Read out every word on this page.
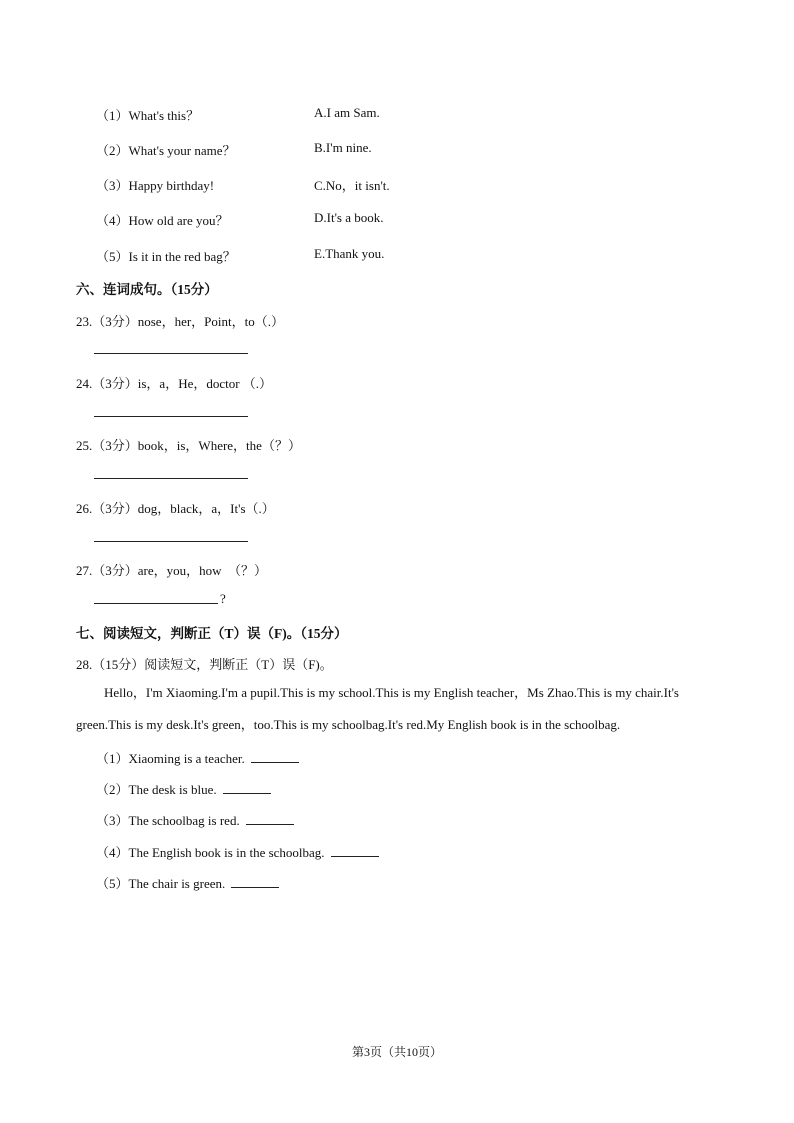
（1）What's this？	A.I am Sam.
（2）What's your name？	B.I'm nine.
（3）Happy birthday!	C.No，it isn't.
（4）How old are you？	D.It's a book.
（5）Is it in the red bag？	E.Thank you.
六、连词成句。（15分）
23.（3分）nose，her，Point，to（.）
24.（3分）is，a，He，doctor （.）
25.（3分）book，is，Where，the（？）
26.（3分）dog，black，a，It's（.）
27.（3分）are，you，how　（？）
?
七、阅读短文，判断正（T）误（F)。（15分）
28.（15分）阅读短文，判断正（T）误（F)。
Hello，I'm Xiaoming.I'm a pupil.This is my school.This is my English teacher，Ms Zhao.This is my chair.It's green.This is my desk.It's green，too.This is my schoolbag.It's red.My English book is in the schoolbag.
（1）Xiaoming is a teacher.
（2）The desk is blue.
（3）The schoolbag is red.
（4）The English book is in the schoolbag.
（5）The chair is green.
第3页（共10页）
